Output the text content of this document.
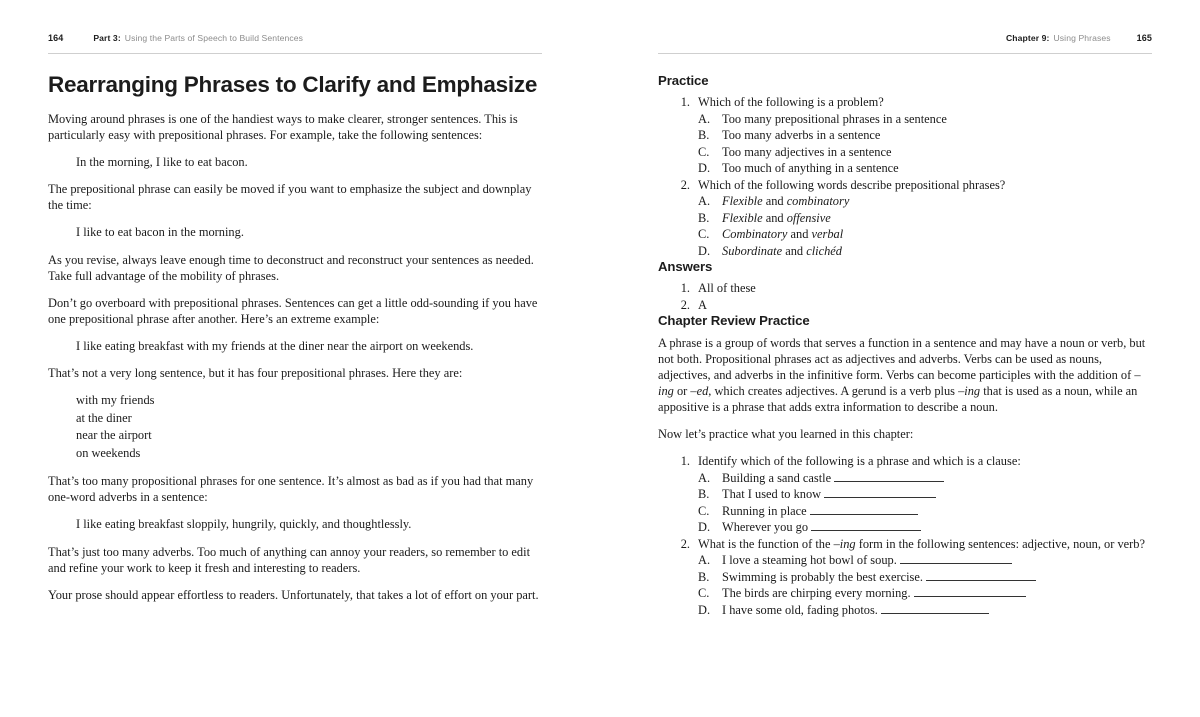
164	Part 3: Using the Parts of Speech to Build Sentences
Rearranging Phrases to Clarify and Emphasize

Moving around phrases is one of the handiest ways to make clearer, stronger sentences. This is particularly easy with prepositional phrases. For example, take the following sentences:

In the morning, I like to eat bacon.

The prepositional phrase can easily be moved if you want to emphasize the subject and downplay the time:

I like to eat bacon in the morning.

As you revise, always leave enough time to deconstruct and reconstruct your sentences as needed. Take full advantage of the mobility of phrases.

Don’t go overboard with prepositional phrases. Sentences can get a little odd-sounding if you have one prepositional phrase after another. Here’s an extreme example:

I like eating breakfast with my friends at the diner near the airport on weekends.

That’s not a very long sentence, but it has four prepositional phrases. Here they are:

with my friends
at the diner
near the airport
on weekends

That’s too many propositional phrases for one sentence. It’s almost as bad as if you had that many one-word adverbs in a sentence:

I like eating breakfast sloppily, hungrily, quickly, and thoughtlessly.

That’s just too many adverbs. Too much of anything can annoy your readers, so remember to edit and refine your work to keep it fresh and interesting to readers.

Your prose should appear effortless to readers. Unfortunately, that takes a lot of effort on your part.

Chapter 9: Using Phrases	165
Practice
1. Which of the following is a problem?
A. Too many prepositional phrases in a sentence
B.	Too many adverbs in a sentence
C.	Too many adjectives in a sentence
D. Too much of anything in a sentence
2. Which of the following words describe prepositional phrases?
A. Flexible and combinatory
B.	Flexible and offensive
C.	Combinatory and verbal
D. Subordinate and clichéd
Answers
1. All of these
2. A
Chapter Review Practice

A phrase is a group of words that serves a function in a sentence and may have a noun or verb, but not both. Propositional phrases act as adjectives and adverbs. Verbs can be used as nouns, adjectives, and adverbs in the infinitive form. Verbs can become participles with the addition of –ing or –ed, which creates adjectives. A gerund is a verb plus –ing that is used as a noun, while an appositive is a phrase that adds extra information to describe a noun.

Now let’s practice what you learned in this chapter:

1. Identify which of the following is a phrase and which is a clause:
A. Building a sand castle
B.	That I used to know
C.	Running in place
D. Wherever you go
2. What is the function of the –ing form in the following sentences: adjective, noun, or verb?
A. I love a steaming hot bowl of soup.
B.	Swimming is probably the best exercise.
C.	The birds are chirping every morning.
D. I have some old, fading photos.
